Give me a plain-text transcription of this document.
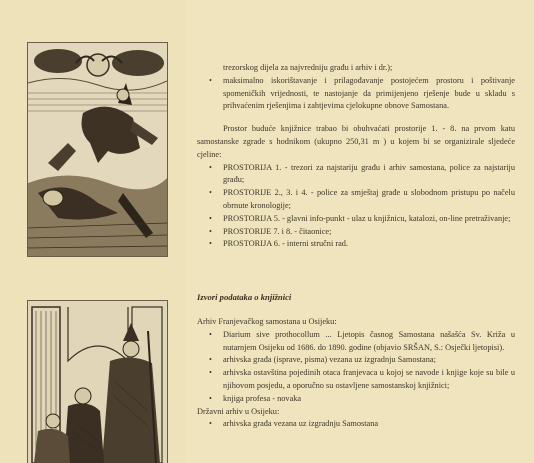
trezorskog dijela za najvredniju građu i arhiv i dr.);
• maksimalno iskorištavanje i prilagođavanje postojećem prostoru i poštivanje spomeničkih vrijednosti, te nastojanje da primijenjeno rješenje bude u skladu s prihvaćenim rješenjima i zahtjevima cjelokupne obnove Samostana.

Prostor buduće knjižnice trabao bi obuhvaćati prostorije 1. - 8. na prvom katu samostanske zgrade s hodnikom (ukupno 250,31 m ) u kojem bi se organizirale sljedeće cjeline:

• PROSTORIJA 1. - trezori za najstariju građu i arhiv samostana, police za najstariju građu;
• PROSTORIJE 2., 3. i 4. - police za smještaj građe u slobodnom pristupu po načelu obrnute kronologije;
• PROSTORIJA 5. - glavni info-punkt - ulaz u knjižnicu, katalozi, on-line pretraživanje;
• PROSTORIJE 7. i 8. - čitaonice;
• PROSTORIJA 6. - interni stručni rad.

Izvori podataka o knjižnici

Arhiv Franjevačkog samostana u Osijeku:

• Diarium sive prothocollum ... Ljetopis časnog Samostana našašća Sv. Križa u nutarnjem Osijeku od 1686. do 1890. godine (objavio SRŠAN, S.: Osječki ljetopisi).
• arhivska građa (isprave, pisma) vezana uz izgradnju Samostana;
• arhivska ostavština pojedinih otaca franjevaca u kojoj se navode i knjige koje su bile u njihovom posjedu, a oporučno su ostavljene samostanskoj knjižnici;
• knjiga profesa - novaka

Državni arhiv u Osijeku:

• arhivska građa vezana uz izgradnju Samostana
